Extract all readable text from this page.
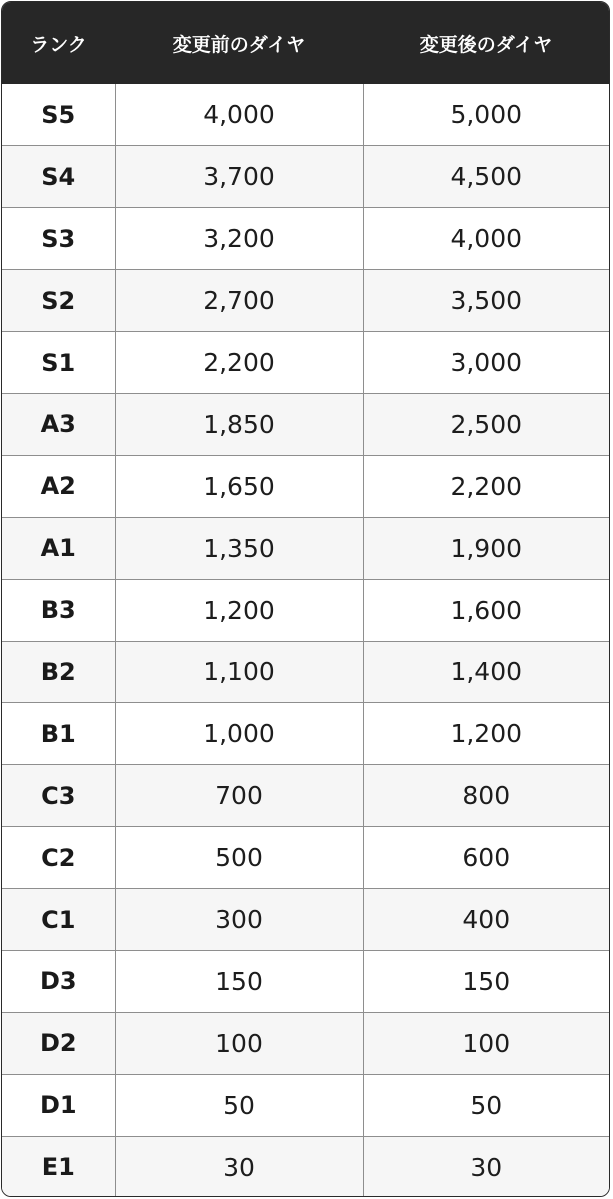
ランク	変更前のダイヤ	変更後のダイヤ
S5	4,000	5,000
S4	3,700	4,500
S3	3,200	4,000
S2	2,700	3,500
S1	2,200	3,000
A3	1,850	2,500
A2	1,650	2,200
A1	1,350	1,900
B3	1,200	1,600
B2	1,100	1,400
B1	1,000	1,200
C3	700	800
C2	500	600
C1	300	400
D3	150	150
D2	100	100
D1	50	50
E1	30	30
